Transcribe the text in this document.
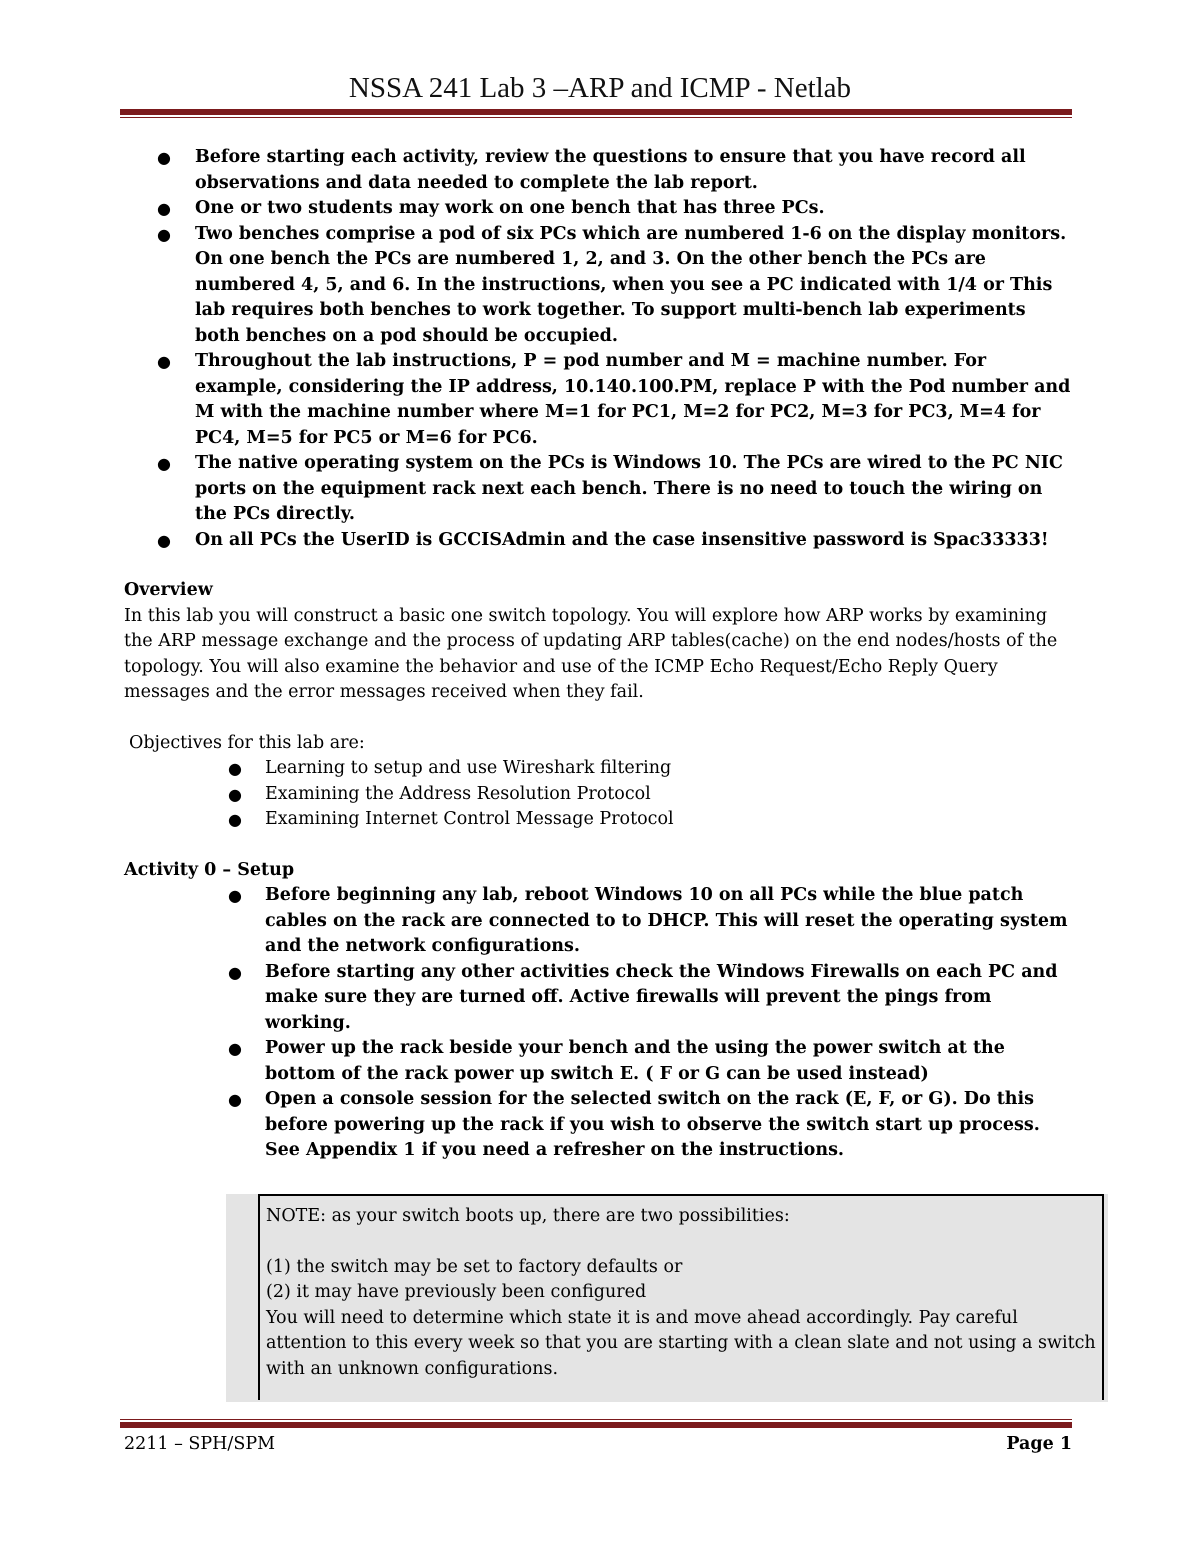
NSSA 241 Lab 3 –ARP and ICMP - Netlab
● Before starting each activity, review the questions to ensure that you have record all observations and data needed to complete the lab report.
● One or two students may work on one bench that has three PCs.
● Two benches comprise a pod of six PCs which are numbered 1-6 on the display monitors. On one bench the PCs are numbered 1, 2, and 3. On the other bench the PCs are numbered 4, 5, and 6. In the instructions, when you see a PC indicated with 1/4 or This lab requires both benches to work together. To support multi-bench lab experiments both benches on a pod should be occupied.
● Throughout the lab instructions, P = pod number and M = machine number. For example, considering the IP address, 10.140.100.PM, replace P with the Pod number and M with the machine number where M=1 for PC1, M=2 for PC2, M=3 for PC3, M=4 for PC4, M=5 for PC5 or M=6 for PC6.
● The native operating system on the PCs is Windows 10. The PCs are wired to the PC NIC ports on the equipment rack next each bench. There is no need to touch the wiring on the PCs directly.
● On all PCs the UserID is GCCISAdmin and the case insensitive password is Spac33333!
Overview

In this lab you will construct a basic one switch topology. You will explore how ARP works by examining the ARP message exchange and the process of updating ARP tables(cache) on the end nodes/hosts of the topology. You will also examine the behavior and use of the ICMP Echo Request/Echo Reply Query messages and the error messages received when they fail.

Objectives for this lab are:
● Learning to setup and use Wireshark filtering
● Examining the Address Resolution Protocol
● Examining Internet Control Message Protocol
Activity 0 – Setup
● Before beginning any lab, reboot Windows 10 on all PCs while the blue patch cables on the rack are connected to to DHCP. This will reset the operating system and the network configurations.
● Before starting any other activities check the Windows Firewalls on each PC and make sure they are turned off. Active firewalls will prevent the pings from working.
● Power up the rack beside your bench and the using the power switch at the bottom of the rack power up switch E. ( F or G can be used instead)
● Open a console session for the selected switch on the rack (E, F, or G). Do this before powering up the rack if you wish to observe the switch start up process. See Appendix 1 if you need a refresher on the instructions.
NOTE: as your switch boots up, there are two possibilities:
(1) the switch may be set to factory defaults or
(2) it may have previously been configured
You will need to determine which state it is and move ahead accordingly. Pay careful attention to this every week so that you are starting with a clean slate and not using a switch with an unknown configurations.
2211 – SPH/SPM	Page 1
